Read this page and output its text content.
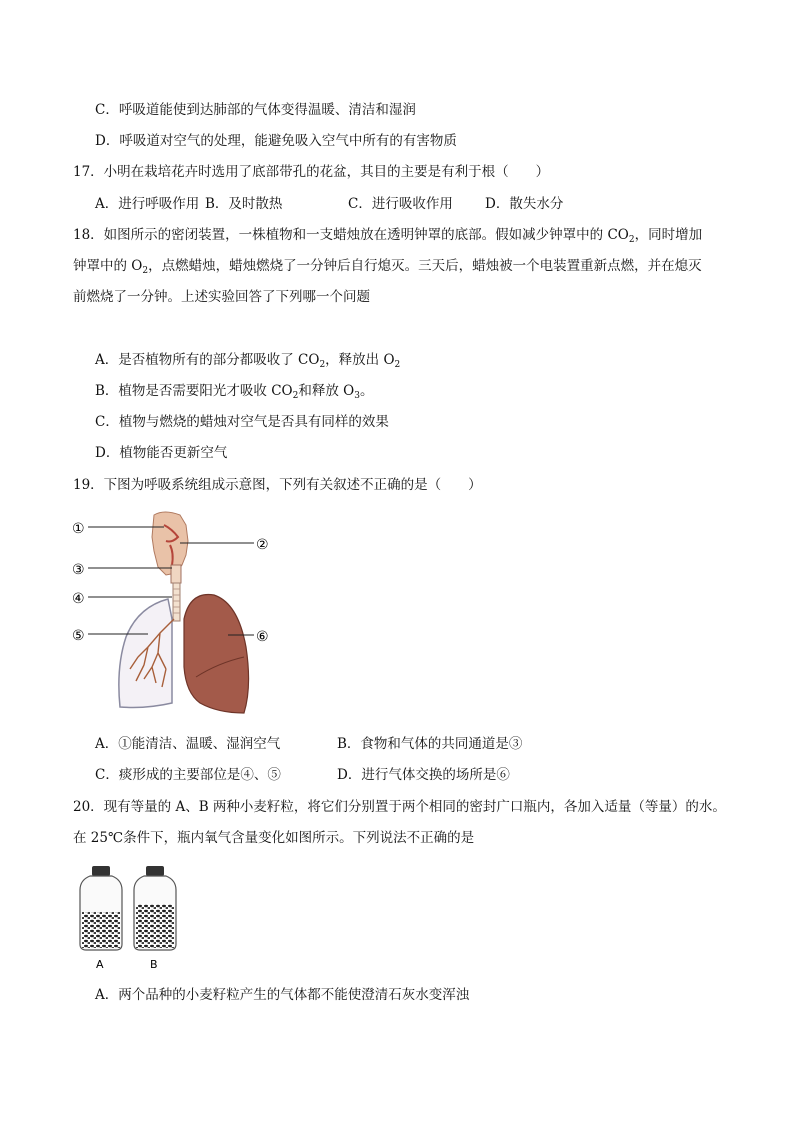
C．呼吸道能使到达肺部的气体变得温暖、清洁和湿润
D．呼吸道对空气的处理，能避免吸入空气中所有的有害物质
17．小明在栽培花卉时选用了底部带孔的花盆，其目的主要是有利于根（　　）
A．进行呼吸作用 B．及时散热	C．进行吸收作用 D．散失水分
18．如图所示的密闭装置，一株植物和一支蜡烛放在透明钟罩的底部。假如减少钟罩中的 $CO_2$，同时增加
钟罩中的 $O_2$，点燃蜡烛，蜡烛燃烧了一分钟后自行熄灭。三天后，蜡烛被一个电装置重新点燃，并在熄灭
前燃烧了一分钟。上述实验回答了下列哪一个问题
A．是否植物所有的部分都吸收了 $CO_2$，释放出 $O_2$
B．植物是否需要阳光才吸收 $CO_2$和释放 $O_3$。
C．植物与燃烧的蜡烛对空气是否具有同样的效果
D．植物能否更新空气
19．下图为呼吸系统组成示意图，下列有关叙述不正确的是（　　）
①
②
③
④
⑤	⑥
A．①能清洁、温暖、湿润空气	B．食物和气体的共同通道是③
C．痰形成的主要部位是④、⑤	D．进行气体交换的场所是⑥
20．现有等量的 A、B 两种小麦籽粒，将它们分别置于两个相同的密封广口瓶内，各加入适量（等量）的水。
在 25℃条件下，瓶内氧气含量变化如图所示。下列说法不正确的是
A	B
A．两个品种的小麦籽粒产生的气体都不能使澄清石灰水变浑浊
